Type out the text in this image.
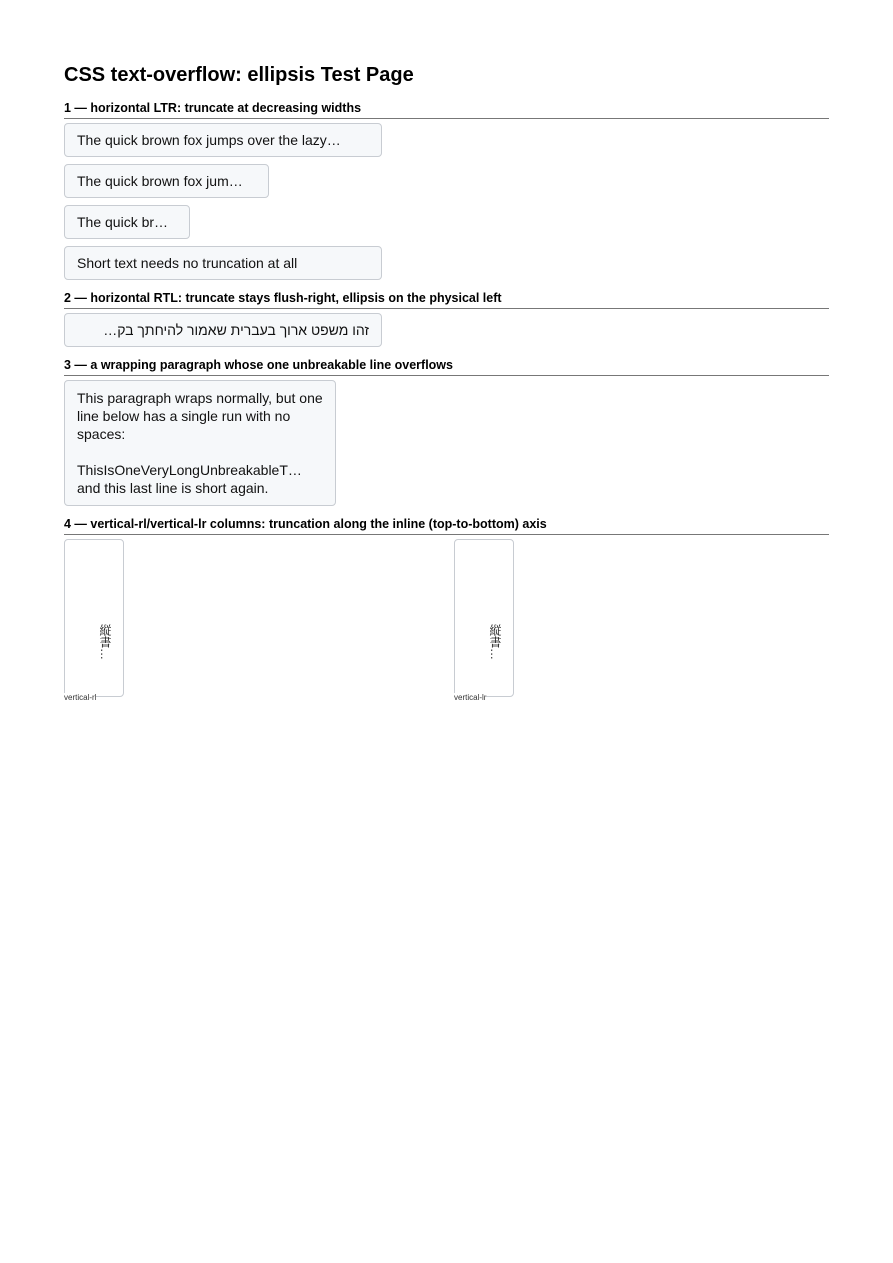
CSS text-overflow: ellipsis Test Page
1 — horizontal LTR: truncate at decreasing widths
The quick brown fox jumps over the lazy…
The quick brown fox jum…
The quick br…
Short text needs no truncation at all
2 — horizontal RTL: truncate stays flush-right, ellipsis on the physical left
זהו משפט ארוך בעברית שאמור להיחתך בק…
3 — a wrapping paragraph whose one unbreakable line overflows

This paragraph wraps normally, but one line below has a single run with no spaces:

ThisIsOneVeryLongUnbreakableT…
and this last line is short again.

4 — vertical-rl/vertical-lr columns: truncation along the inline (top-to-bottom) axis
縦書…
vertical-rl
縦書…
vertical-lr
